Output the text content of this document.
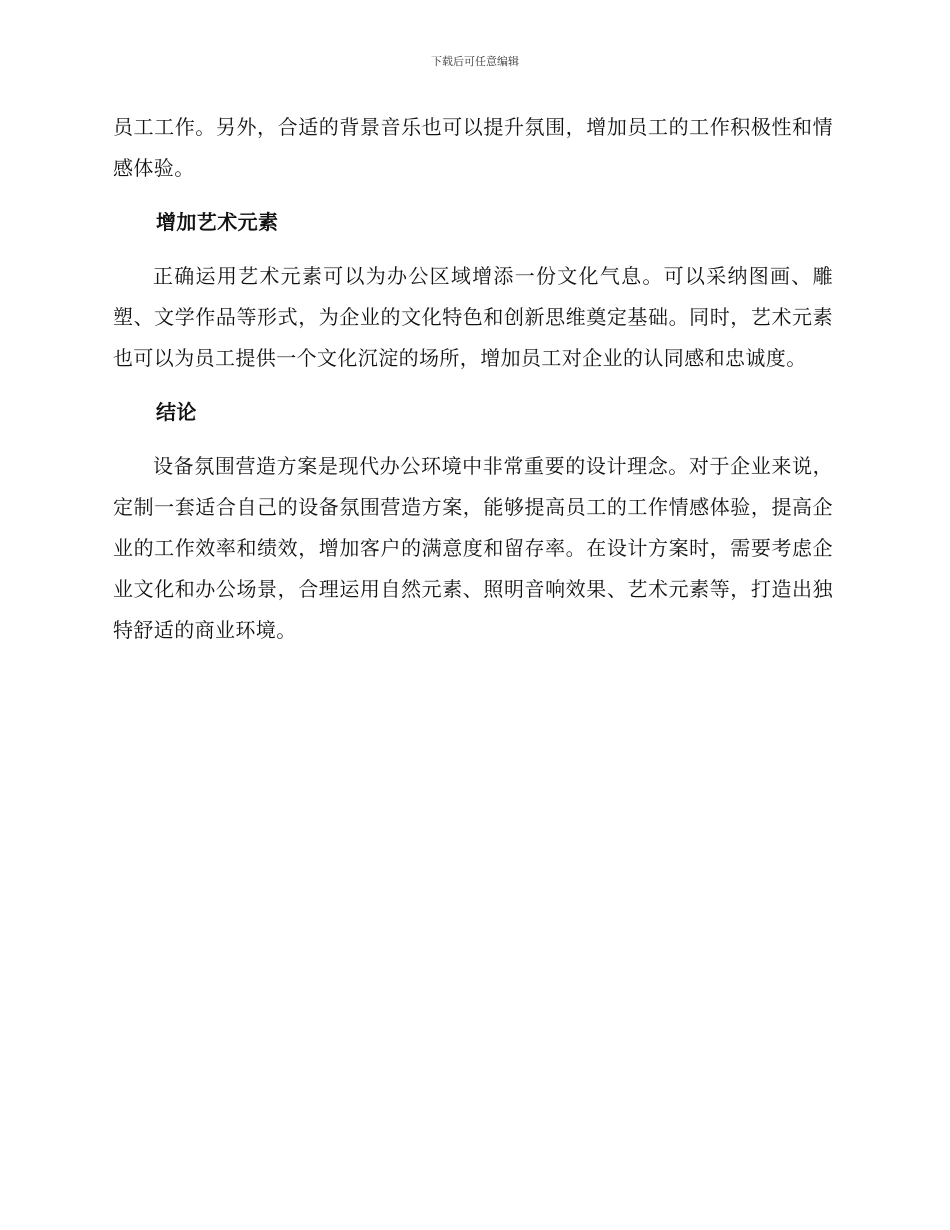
下载后可任意编辑

员工工作。另外，合适的背景音乐也可以提升氛围，增加员工的工作积极性和情感体验。

增加艺术元素

正确运用艺术元素可以为办公区域增添一份文化气息。可以采纳图画、雕塑、文学作品等形式，为企业的文化特色和创新思维奠定基础。同时，艺术元素也可以为员工提供一个文化沉淀的场所，增加员工对企业的认同感和忠诚度。

结论

设备氛围营造方案是现代办公环境中非常重要的设计理念。对于企业来说，定制一套适合自己的设备氛围营造方案，能够提高员工的工作情感体验，提高企业的工作效率和绩效，增加客户的满意度和留存率。在设计方案时，需要考虑企业文化和办公场景，合理运用自然元素、照明音响效果、艺术元素等，打造出独特舒适的商业环境。
